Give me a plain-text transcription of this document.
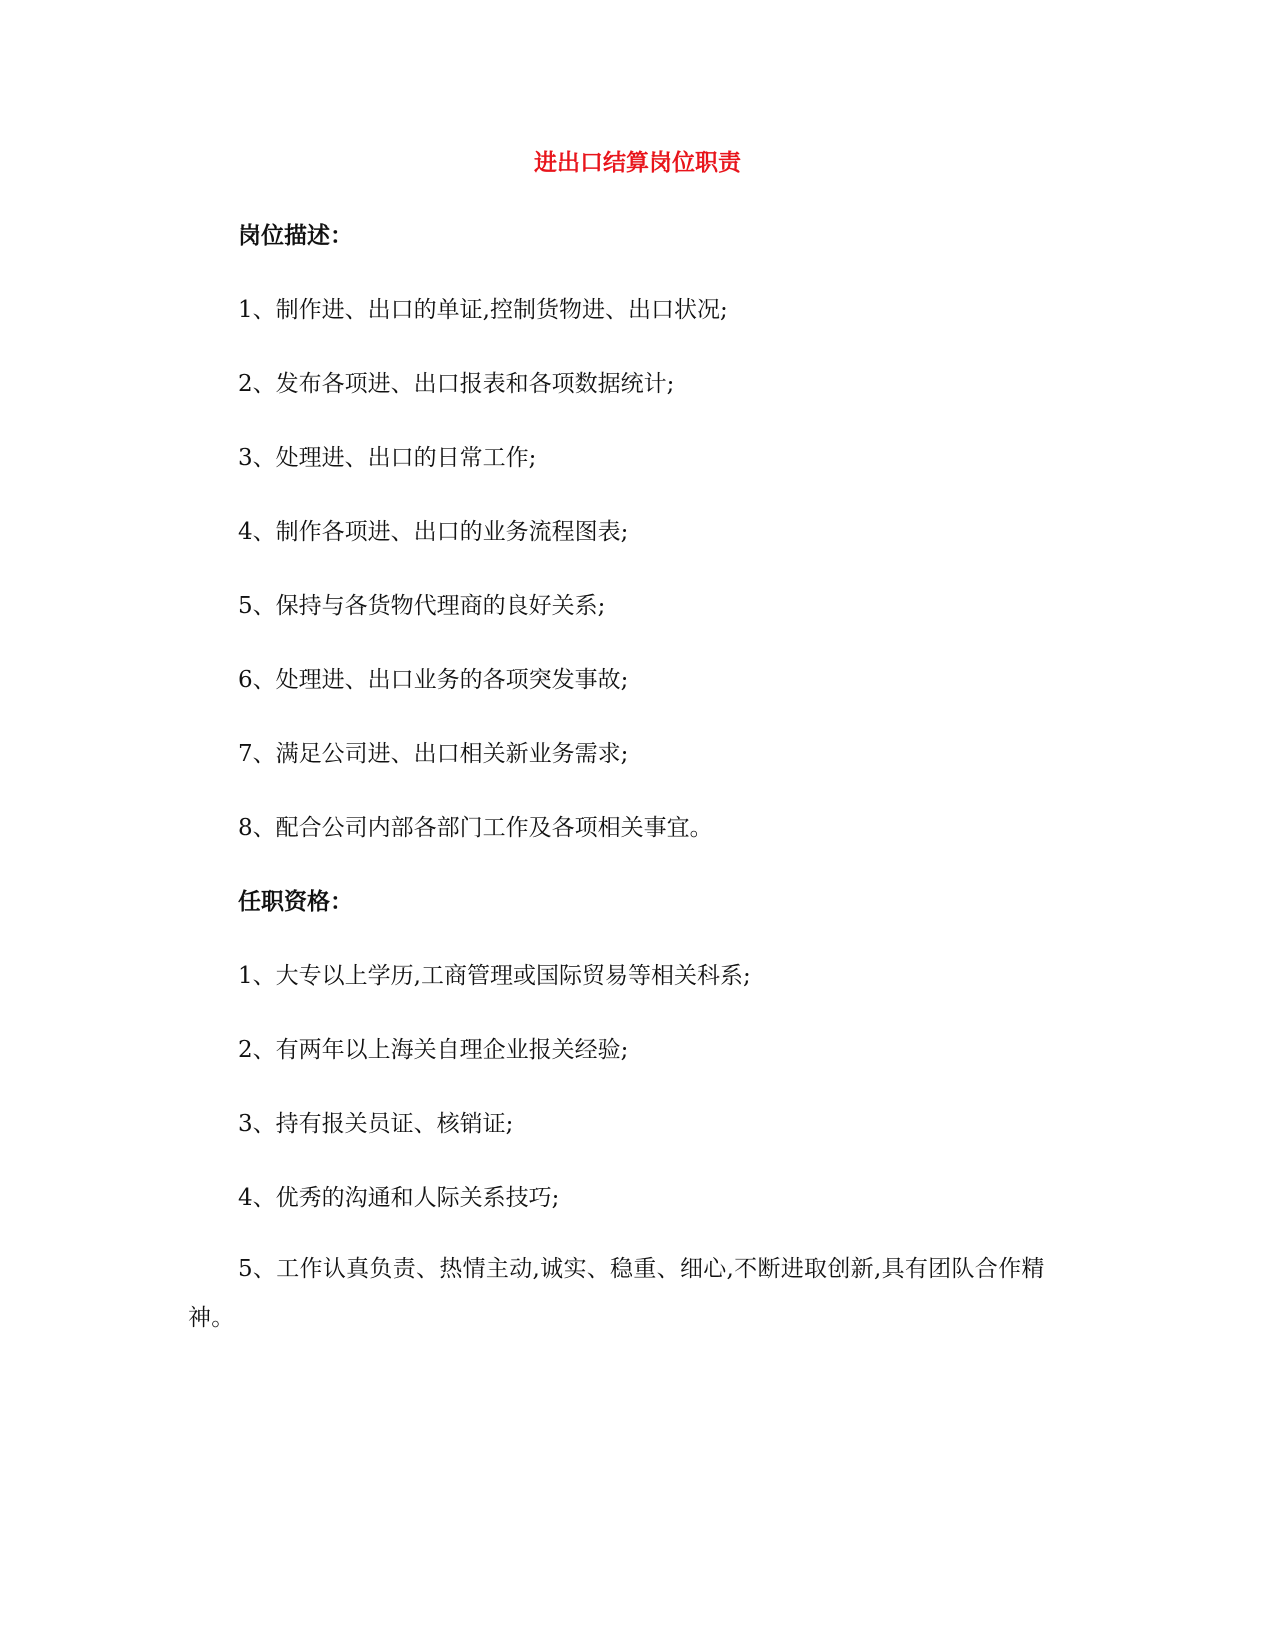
进出口结算岗位职责
岗位描述：
1、制作进、出口的单证,控制货物进、出口状况;
2、发布各项进、出口报表和各项数据统计;
3、处理进、出口的日常工作;
4、制作各项进、出口的业务流程图表;
5、保持与各货物代理商的良好关系;
6、处理进、出口业务的各项突发事故;
7、满足公司进、出口相关新业务需求;
8、配合公司内部各部门工作及各项相关事宜。
任职资格：
1、大专以上学历,工商管理或国际贸易等相关科系;
2、有两年以上海关自理企业报关经验;
3、持有报关员证、核销证;
4、优秀的沟通和人际关系技巧;
5、工作认真负责、热情主动,诚实、稳重、细心,不断进取创新,具有团队合作精神。
